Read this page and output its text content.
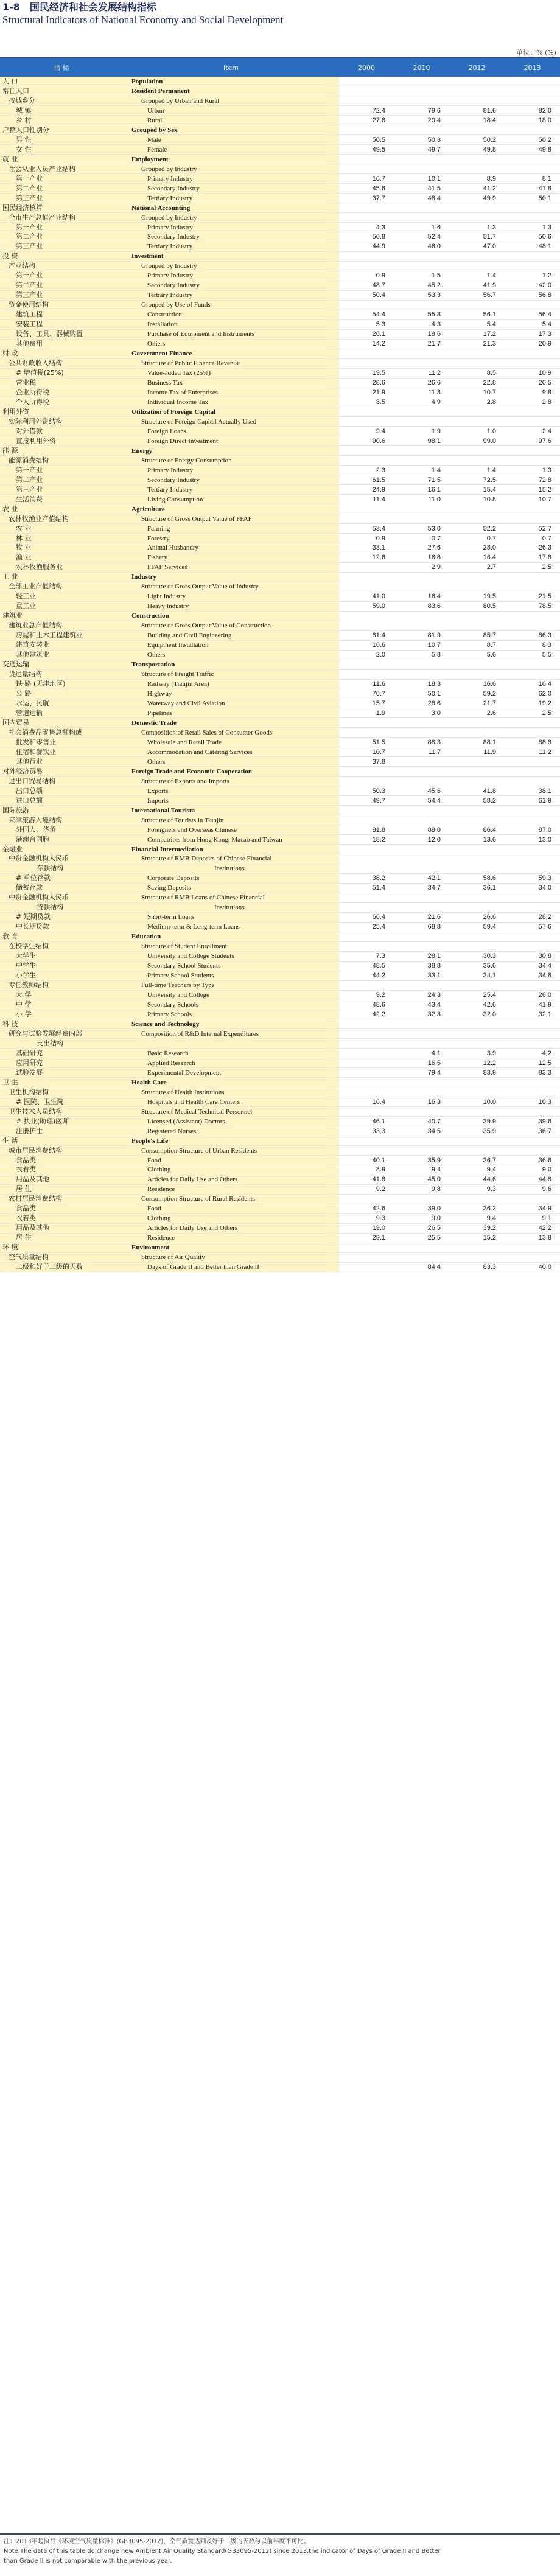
1-8 国民经济和社会发展结构指标
Structural Indicators of National Economy and Social Development
单位：% (%)
指 标	Item	2000	2010	2012	2013
人 口	Population				
常住人口	Resident Permanent				
按城乡分	Grouped by Urban and Rural				
城 镇	Urban	72.4	79.6	81.6	82.0
乡 村	Rural	27.6	20.4	18.4	18.0
户籍人口性别分	Grouped by Sex				
男 性	Male	50.5	50.3	50.2	50.2
女 性	Female	49.5	49.7	49.8	49.8
就 业	Employment				
社会从业人员产业结构	Grouped by Industry				
第一产业	Primary Industry	16.7	10.1	8.9	8.1
第二产业	Secondary Industry	45.6	41.5	41.2	41.8
第三产业	Tertiary Industry	37.7	48.4	49.9	50.1
国民经济核算	National Accounting				
全市生产总值产业结构	Grouped by Industry				
第一产业	Primary Industry	4.3	1.6	1.3	1.3
第二产业	Secondary Industry	50.8	52.4	51.7	50.6
第三产业	Tertiary Industry	44.9	46.0	47.0	48.1
投 资	Investment				
产业结构	Grouped by Industry				
第一产业	Primary Industry	0.9	1.5	1.4	1.2
第二产业	Secondary Industry	48.7	45.2	41.9	42.0
第三产业	Tertiary Industry	50.4	53.3	56.7	56.8
资金使用结构	Grouped by Use of Funds				
建筑工程	Construction	54.4	55.3	56.1	56.4
安装工程	Installation	5.3	4.3	5.4	5.4
设备、工具、器械购置	Purchase of Equipment and Instruments	26.1	18.6	17.2	17.3
其他费用	Others	14.2	21.7	21.3	20.9
财 政	Government Finance				
公共财政收入结构	Structure of Public Finance Revenue				
# 增值税(25%)	Value-added Tax (25%)	19.5	11.2	8.5	10.9
营业税	Business Tax	28.6	26.6	22.8	20.5
企业所得税	Income Tax of Enterprises	21.9	11.8	10.7	9.8
个人所得税	Individual Income Tax	8.5	4.9	2.8	2.8
利用外资	Utilization of Foreign Capital				
实际利用外资结构	Structure of Foreign Capital Actually Used				
对外借款	Foreign Loans	9.4	1.9	1.0	2.4
直接利用外资	Foreign Direct Investment	90.6	98.1	99.0	97.6
能 源	Energy				
能源消费结构	Structure of Energy Consumption				
第一产业	Primary Industry	2.3	1.4	1.4	1.3
第二产业	Secondary Industry	61.5	71.5	72.5	72.8
第三产业	Tertiary Industry	24.9	16.1	15.4	15.2
生活消费	Living Consumption	11.4	11.0	10.8	10.7
农 业	Agriculture				
农林牧渔业产值结构	Structure of Gross Output Value of FFAF				
农 业	Farming	53.4	53.0	52.2	52.7
林 业	Forestry	0.9	0.7	0.7	0.7
牧 业	Animal Husbandry	33.1	27.6	28.0	26.3
渔 业	Fishery	12.6	16.8	16.4	17.8
农林牧渔服务业	FFAF Services		2.9	2.7	2.5
工 业	Industry				
全部工业产值结构	Structure of Gross Output Value of Industry				
轻工业	Light Industry	41.0	16.4	19.5	21.5
重工业	Heavy Industry	59.0	83.6	80.5	78.5
建筑业	Construction				
建筑业总产值结构	Structure of Gross Output Value of Construction				
房屋和土木工程建筑业	Building and Civil Engineering	81.4	81.9	85.7	86.3
建筑安装业	Equipment Installation	16.6	10.7	8.7	8.3
其他建筑业	Others	2.0	5.3	5.6	5.5
交通运输	Transportation				
货运量结构	Structure of Freight Traffic				
铁 路 (天津地区)	Railway (Tianjin Area)	11.6	18.3	16.6	16.4
公 路	Highway	70.7	50.1	59.2	62.0
水运、民航	Waterway and Civil Aviation	15.7	28.6	21.7	19.2
管道运输	Pipelines	1.9	3.0	2.6	2.5
国内贸易	Domestic Trade				
社会消费品零售总额构成	Composition of Retail Sales of Consumer Goods				
批发和零售业	Wholesale and Retail Trade	51.5	88.3	88.1	88.8
住宿和餐饮业	Accommodation and Catering Services	10.7	11.7	11.9	11.2
其他行业	Others	37.8			
对外经济贸易	Foreign Trade and Economic Cooperation				
进出口贸易结构	Structure of Exports and Imports				
出口总额	Exports	50.3	45.6	41.8	38.1
进口总额	Imports	49.7	54.4	58.2	61.9
国际旅游	International Tourism				
来津旅游入境结构	Structure of Tourists in Tianjin				
外国人、华侨	Foreigners and Overseas Chinese	81.8	88.0	86.4	87.0
港澳台同胞	Compatriots from Hong Kong, Macao and Taiwan	18.2	12.0	13.6	13.0
金融业	Financial Intermediation				
中资金融机构人民币	Structure of RMB Deposits of Chinese Financial				
存款结构	Institutions				
# 单位存款	Corporate Deposits	38.2	42.1	58.6	59.3
储蓄存款	Saving Deposits	51.4	34.7	36.1	34.0
中资金融机构人民币	Structure of RMB Loans of Chinese Financial				
贷款结构	Institutions				
# 短期贷款	Short-term Loans	66.4	21.6	26.6	28.2
中长期贷款	Medium-term & Long-term Loans	25.4	68.8	59.4	57.6
教 育	Education				
在校学生结构	Structure of Student Enrollment				
大学生	University and College Students	7.3	28.1	30.3	30.8
中学生	Secondary School Students	48.5	38.8	35.6	34.4
小学生	Primary School Students	44.2	33.1	34.1	34.8
专任教师结构	Full-time Teachers by Type				
大 学	University and College	9.2	24.3	25.4	26.0
中 学	Secondary Schools	48.6	43.4	42.6	41.9
小 学	Primary Schools	42.2	32.3	32.0	32.1
科 技	Science and Technology				
研究与试验发展经费内部	Composition of R&D Internal Expenditures				
支出结构					
基础研究	Basic Research		4.1	3.9	4.2
应用研究	Applied Research		16.5	12.2	12.5
试验发展	Experimental Development		79.4	83.9	83.3
卫 生	Health Care				
卫生机构结构	Structure of Health Institutions				
# 医院、卫生院	Hospitals and Health Care Centers	16.4	16.3	10.0	10.3
卫生技术人员结构	Structure of Medical Technical Personnel				
# 执业(助理)医师	Licensed (Assistant) Doctors	46.1	40.7	39.9	39.6
注册护士	Registered Nurses	33.3	34.5	35.9	36.7
生 活	People's Life				
城市居民消费结构	Consumption Structure of Urban Residents				
食品类	Food	40.1	35.9	36.7	36.6
衣着类	Clothing	8.9	9.4	9.4	9.0
用品及其他	Articles for Daily Use and Others	41.8	45.0	44.6	44.8
居 住	Residence	9.2	9.8	9.3	9.6
农村居民消费结构	Consumption Structure of Rural Residents				
食品类	Food	42.6	39.0	36.2	34.9
衣着类	Clothing	9.3	9.0	9.4	9.1
用品及其他	Articles for Daily Use and Others	19.0	26.5	39.2	42.2
居 住	Residence	29.1	25.5	15.2	13.8
环 境	Environment				
空气质量结构	Structure of Air Quality				
二级和好于二级的天数	Days of Grade II and Better than Grade II		84.4	83.3	40.0
注：2013年起执行《环境空气质量标准》(GB3095-2012)，空气质量达到及好于二级的天数与以前年度不可比。
Note:The data of this table do change new Ambient Air Quality Standard(GB3095-2012) since 2013,the indicator of Days of Grade II and Better
than Grade II is not comparable with the previous year.
